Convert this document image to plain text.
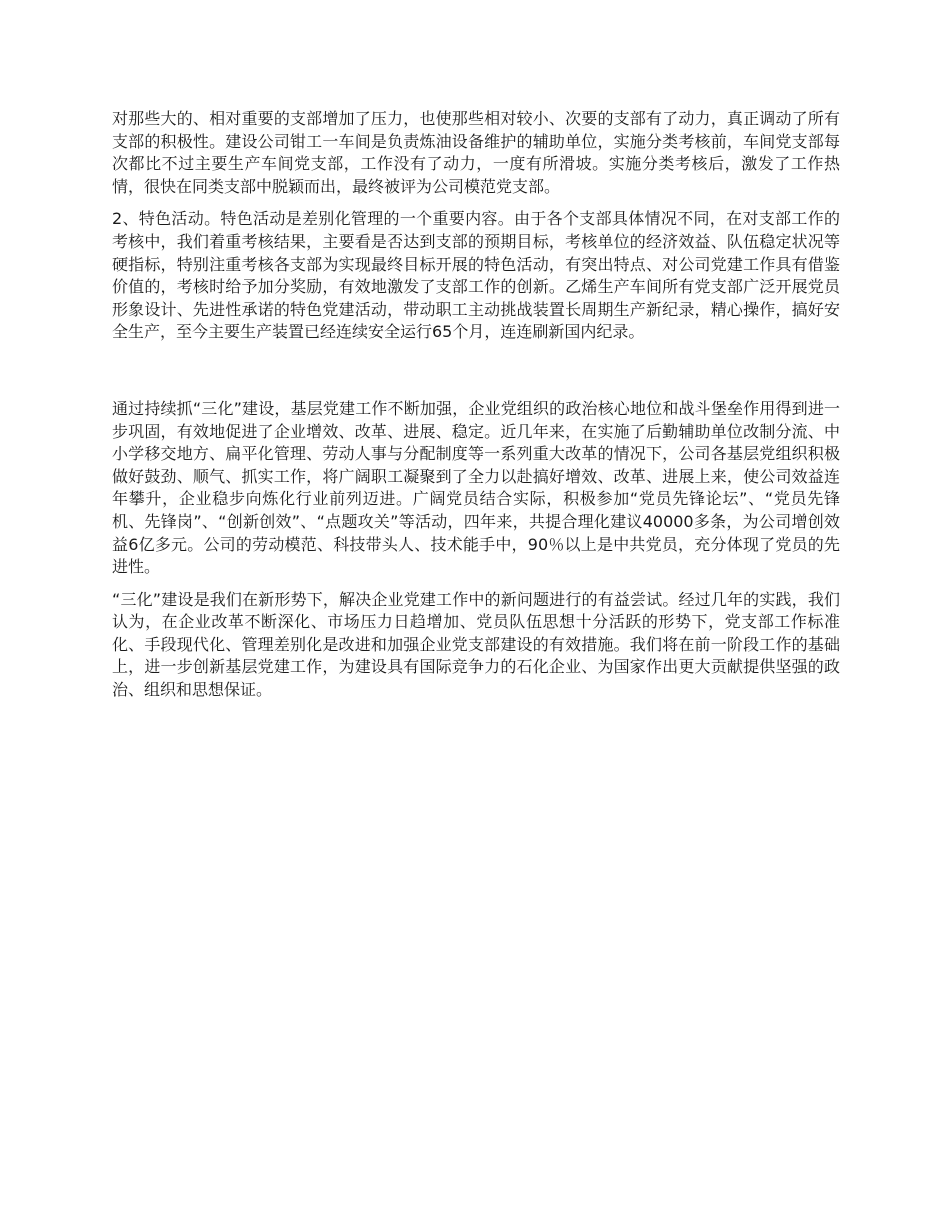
对那些大的、相对重要的支部增加了压力，也使那些相对较小、次要的支部有了动力，真正调动了所有支部的积极性。建设公司钳工一车间是负责炼油设备维护的辅助单位，实施分类考核前，车间党支部每次都比不过主要生产车间党支部，工作没有了动力，一度有所滑坡。实施分类考核后，激发了工作热情，很快在同类支部中脱颖而出，最终被评为公司模范党支部。

2、特色活动。特色活动是差别化管理的一个重要内容。由于各个支部具体情况不同，在对支部工作的考核中，我们着重考核结果，主要看是否达到支部的预期目标，考核单位的经济效益、队伍稳定状况等硬指标，特别注重考核各支部为实现最终目标开展的特色活动，有突出特点、对公司党建工作具有借鉴价值的，考核时给予加分奖励，有效地激发了支部工作的创新。乙烯生产车间所有党支部广泛开展党员形象设计、先进性承诺的特色党建活动，带动职工主动挑战装置长周期生产新纪录，精心操作，搞好安全生产，至今主要生产装置已经连续安全运行65个月，连连刷新国内纪录。

通过持续抓“三化”建设，基层党建工作不断加强，企业党组织的政治核心地位和战斗堡垒作用得到进一步巩固，有效地促进了企业增效、改革、进展、稳定。近几年来，在实施了后勤辅助单位改制分流、中小学移交地方、扁平化管理、劳动人事与分配制度等一系列重大改革的情况下，公司各基层党组织积极做好鼓劲、顺气、抓实工作，将广阔职工凝聚到了全力以赴搞好增效、改革、进展上来，使公司效益连年攀升，企业稳步向炼化行业前列迈进。广阔党员结合实际，积极参加“党员先锋论坛”、“党员先锋机、先锋岗”、“创新创效”、“点题攻关”等活动，四年来，共提合理化建议40000多条，为公司增创效益6亿多元。公司的劳动模范、科技带头人、技术能手中，90％以上是中共党员，充分体现了党员的先进性。

“三化”建设是我们在新形势下，解决企业党建工作中的新问题进行的有益尝试。经过几年的实践，我们认为，在企业改革不断深化、市场压力日趋增加、党员队伍思想十分活跃的形势下，党支部工作标准化、手段现代化、管理差别化是改进和加强企业党支部建设的有效措施。我们将在前一阶段工作的基础上，进一步创新基层党建工作，为建设具有国际竞争力的石化企业、为国家作出更大贡献提供坚强的政治、组织和思想保证。
